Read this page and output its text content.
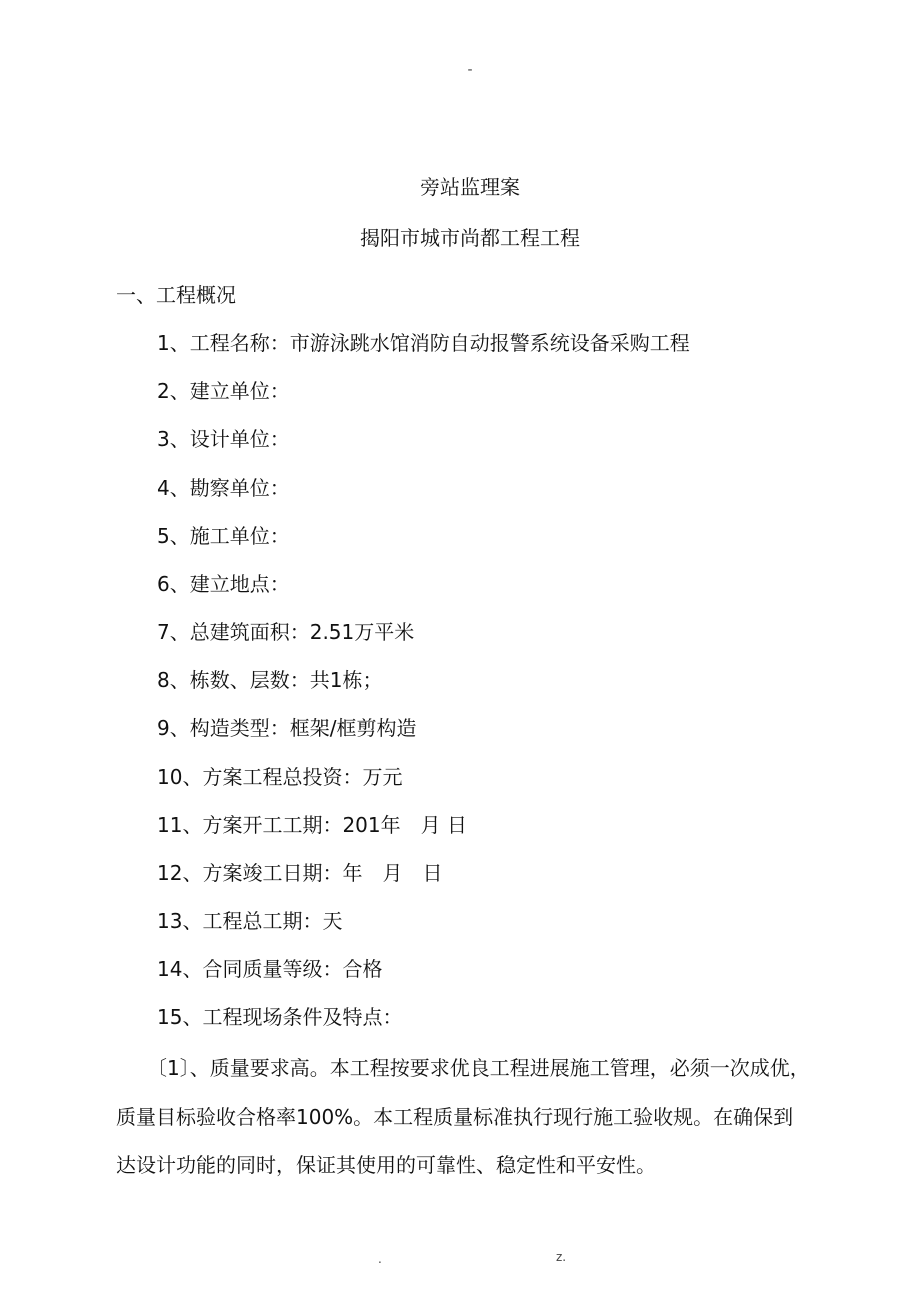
-
旁站监理案
揭阳市城市尚都工程工程
一、工程概况
1、工程名称：市游泳跳水馆消防自动报警系统设备采购工程
2、建立单位：
3、设计单位：
4、勘察单位：
5、施工单位：
6、建立地点：
7、总建筑面积：2.51万平米
8、栋数、层数：共1栋；
9、构造类型：框架/框剪构造
10、方案工程总投资：万元
11、方案开工工期：201年　月 日
12、方案竣工日期：年　月　日
13、工程总工期：天
14、合同质量等级：合格
15、工程现场条件及特点：
〔1〕、质量要求高。本工程按要求优良工程进展施工管理，必须一次成优，
质量目标验收合格率100%。本工程质量标准执行现行施工验收规。在确保到
达设计功能的同时，保证其使用的可靠性、稳定性和平安性。
.	z.
